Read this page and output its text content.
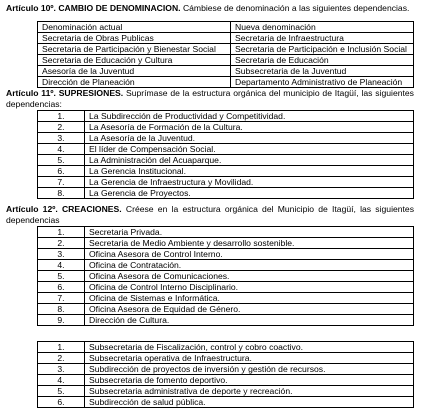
Artículo 10º. CAMBIO DE DENOMINACION. Cámbiese de denominación a las siguientes dependencias.

Denominación actual	Nueva denominación
Secretaria de Obras Publicas	Secretaria de Infraestructura
Secretaria de Participación y Bienestar Social	Secretaria de Participación e Inclusión Social
Secretaria de Educación y Cultura	Secretaria de Educación
Asesoría de la Juventud	Subsecretaria de la Juventud
Dirección de Planeación	Departamento Administrativo de Planeación

Artículo 11º. SUPRESIONES. Suprímase de la estructura orgánica del municipio de Itagüí, las siguientes dependencias:

1.	La Subdirección de Productividad y Competitividad.
2.	La Asesoría de Formación de la Cultura.
3.	La Asesoría de la Juventud.
4.	El líder de Compensación Social.
5.	La Administración del Acuaparque.
6.	La Gerencia Institucional.
7.	La Gerencia de Infraestructura y Movilidad.
8.	La Gerencia de Proyectos.

Artículo 12º. CREACIONES. Créese en la estructura orgánica del Municipio de Itagüí, las siguientes dependencias

1.	Secretaria Privada.
2.	Secretaria de Medio Ambiente y desarrollo sostenible.
3.	Oficina Asesora de Control Interno.
4.	Oficina de Contratación.
5.	Oficina Asesora de Comunicaciones.
6.	Oficina de Control Interno Disciplinario.
7.	Oficina de Sistemas e Informática.
8.	Oficina Asesora de Equidad de Género.
9.	Dirección de Cultura.
1.	Subsecretaria de Fiscalización, control y cobro coactivo.
2.	Subsecretaria operativa de Infraestructura.
3.	Subdirección de proyectos de inversión y gestión de recursos.
4.	Subsecretaria de fomento deportivo.
5.	Subsecretaria administrativa de deporte y recreación.
6.	Subdirección de salud pública.
